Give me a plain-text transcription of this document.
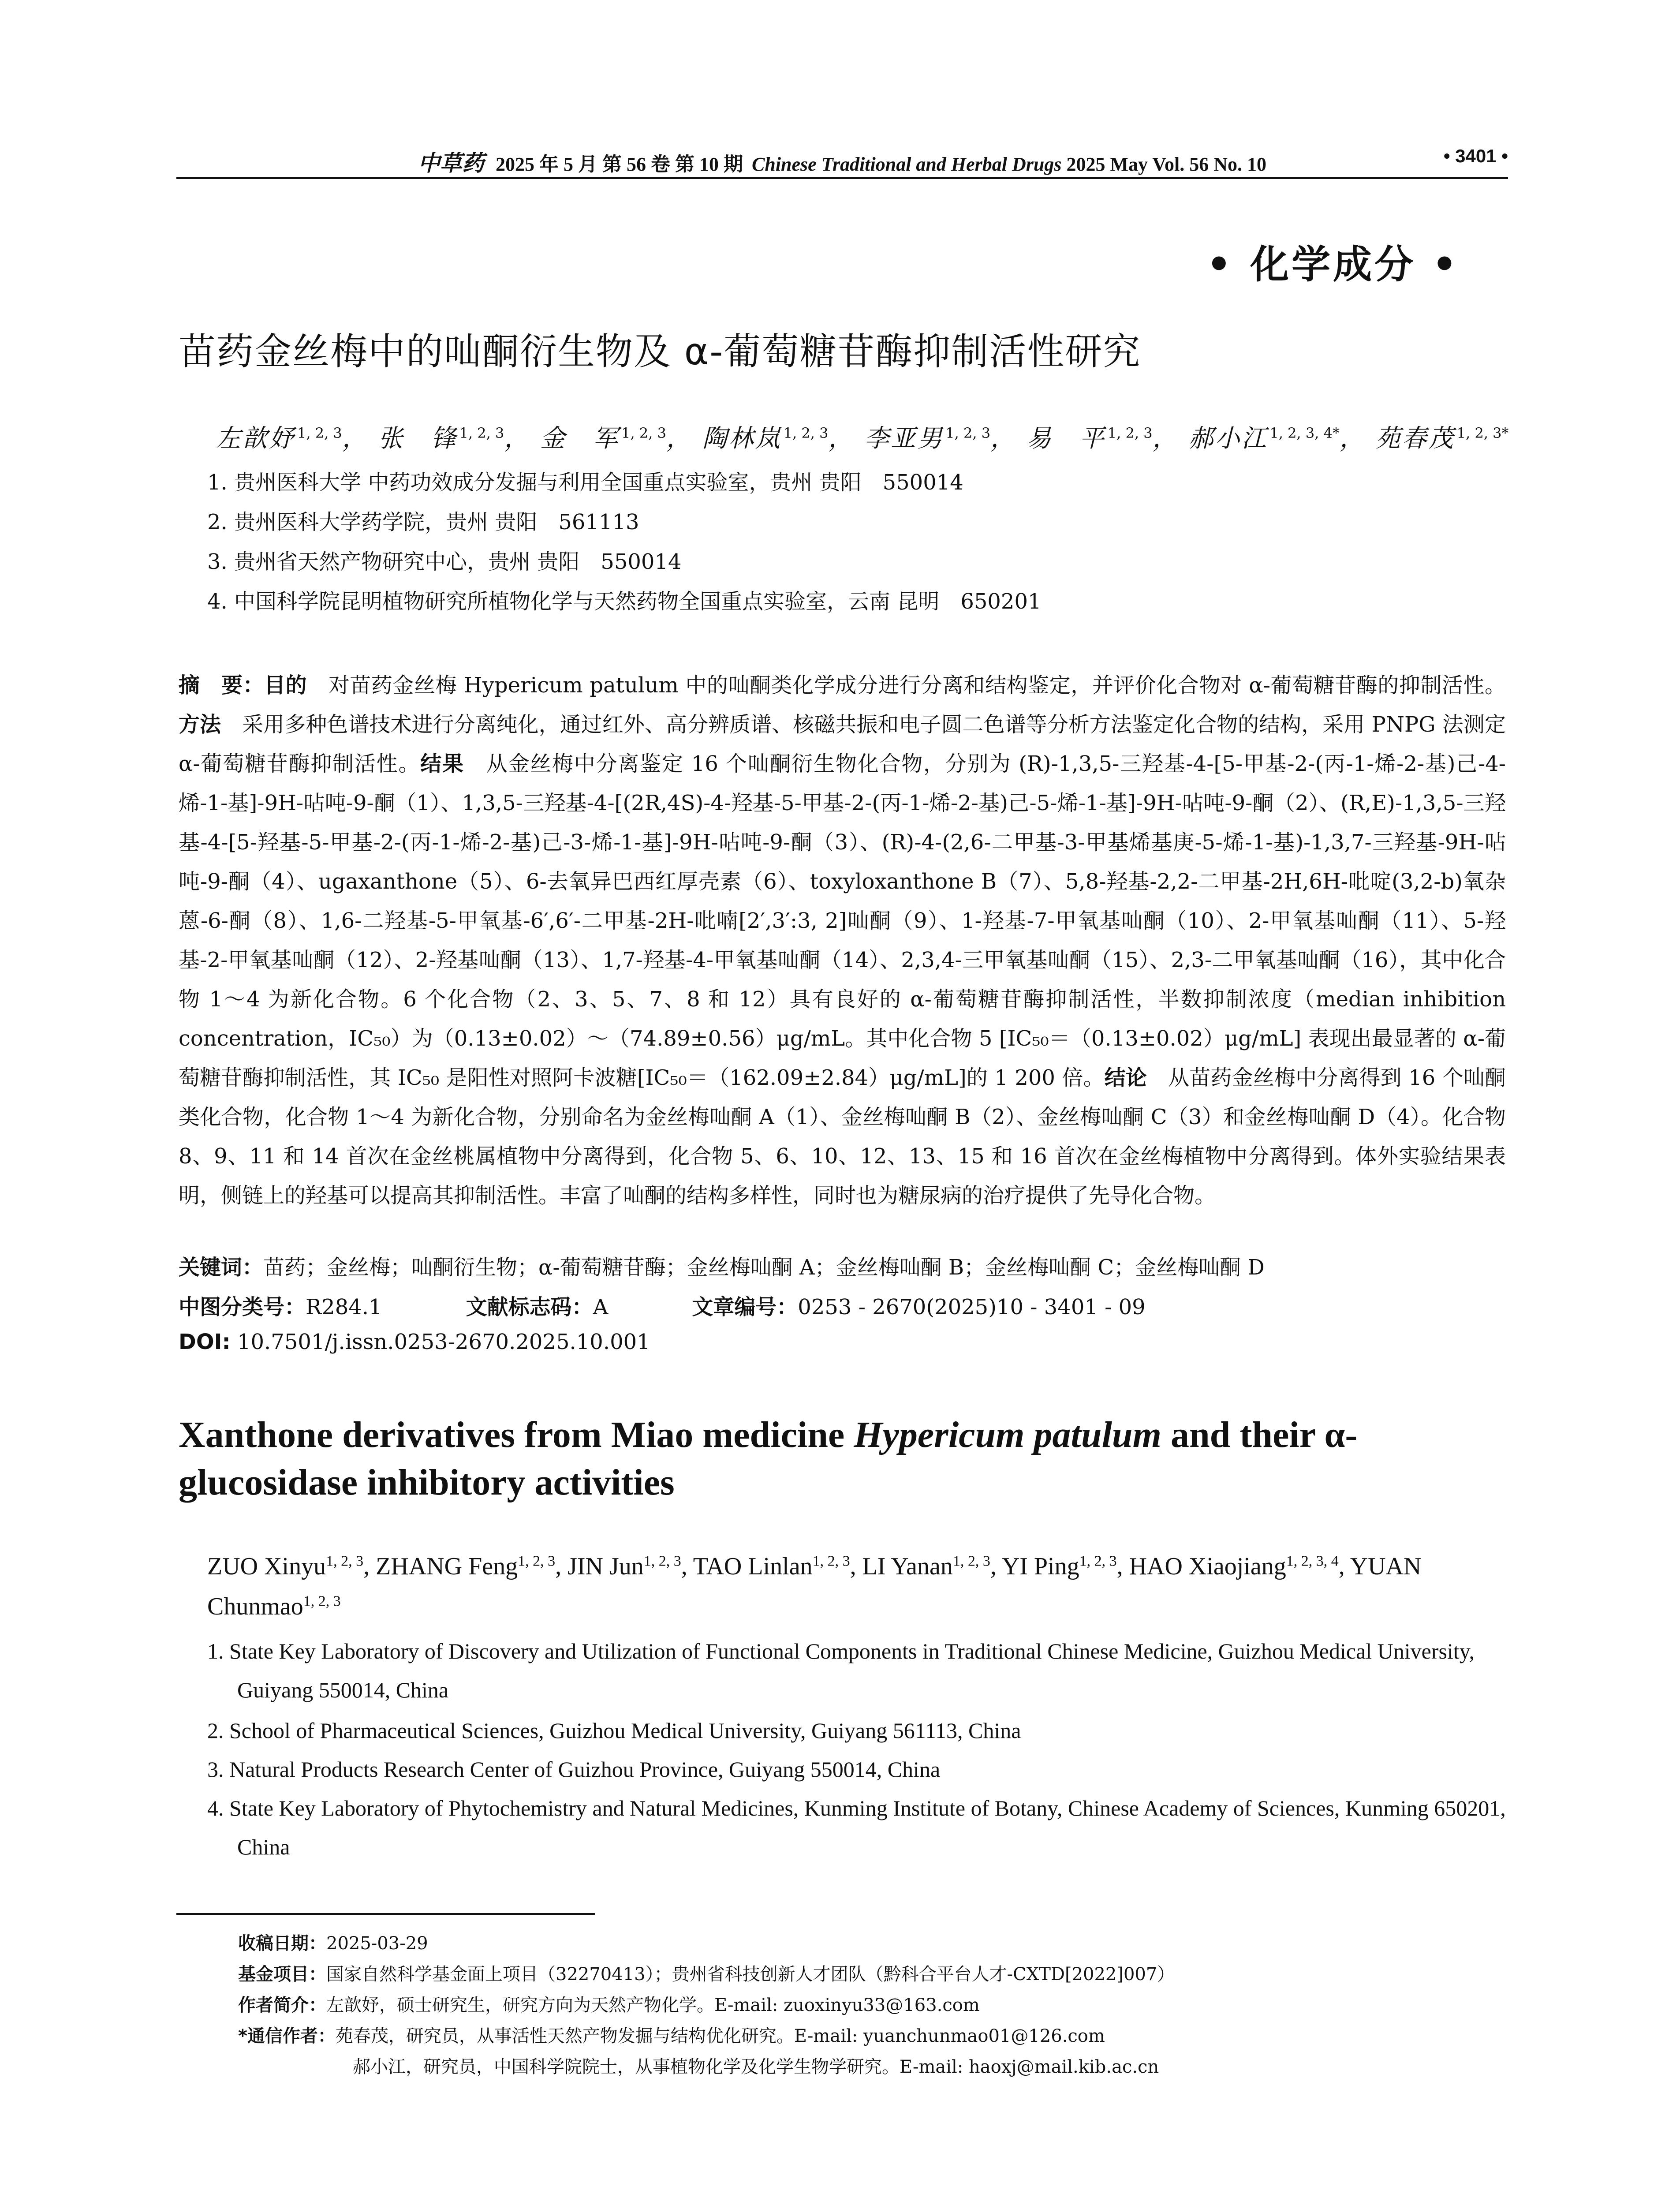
中草药 2025 年 5 月 第 56 卷 第 10 期 Chinese Traditional and Herbal Drugs 2025 May Vol. 56 No. 10	• 3401 •
• 化学成分 •
苗药金丝梅中的𠮿酮衍生物及 α-葡萄糖苷酶抑制活性研究
左歆妤 $^{1, 2, 3}$， 张　锋 $^{1, 2, 3}$， 金　军 $^{1, 2, 3}$， 陶林岚 $^{1, 2, 3}$， 李亚男 $^{1, 2, 3}$， 易　平 $^{1, 2, 3}$， 郝小江 $^{1, 2, 3, 4*}$， 苑春茂 $^{1, 2, 3*}$
1. 贵州医科大学 中药功效成分发掘与利用全国重点实验室，贵州 贵阳　550014
2. 贵州医科大学药学院，贵州 贵阳　561113
3. 贵州省天然产物研究中心，贵州 贵阳　550014
4. 中国科学院昆明植物研究所植物化学与天然药物全国重点实验室，云南 昆明　650201
摘　要：目的　 对苗药金丝梅 Hypericum patulum 中的𠮿酮类化学成分进行分离和结构鉴定，并评价化合物对 α-葡萄糖苷酶的抑制活性。方法　 采用多种色谱技术进行分离纯化，通过红外、高分辨质谱、核磁共振和电子圆二色谱等分析方法鉴定化合物的结构，采用 PNPG 法测定 α-葡萄糖苷酶抑制活性。结果　 从金丝梅中分离鉴定 16 个𠮿酮衍生物化合物，分别为 (R)-1,3,5-三羟基-4-[5-甲基-2-(丙-1-烯-2-基)己-4-烯-1-基]-9H-呫吨-9-酮（1）、1,3,5-三羟基-4-[(2R,4S)-4-羟基-5-甲基-2-(丙-1-烯-2-基)己-5-烯-1-基]-9H-呫吨-9-酮（2）、(R,E)-1,3,5-三羟基-4-[5-羟基-5-甲基-2-(丙-1-烯-2-基)己-3-烯-1-基]-9H-呫吨-9-酮（3）、(R)-4-(2,6-二甲基-3-甲基烯基庚-5-烯-1-基)-1,3,7-三羟基-9H-呫吨-9-酮（4）、ugaxanthone（5）、6-去氧异巴西红厚壳素（6）、toxyloxanthone B（7）、5,8-羟基-2,2-二甲基-2H,6H-吡啶(3,2-b)氧杂蒽-6-酮（8）、1,6-二羟基-5-甲氧基-6′,6′-二甲基-2H-吡喃[2′,3′:3, 2]𠮿酮（9）、1-羟基-7-甲氧基𠮿酮（10）、2-甲氧基𠮿酮（11）、5-羟基-2-甲氧基𠮿酮（12）、2-羟基𠮿酮（13）、1,7-羟基-4-甲氧基𠮿酮（14）、2,3,4-三甲氧基𠮿酮（15）、2,3-二甲氧基𠮿酮（16），其中化合物 1～4 为新化合物。6 个化合物（2、3、5、7、8 和 12）具有良好的 α-葡萄糖苷酶抑制活性，半数抑制浓度（median inhibition concentration，IC₅₀）为（0.13±0.02）～（74.89±0.56）μg/mL。其中化合物 5 [IC₅₀＝（0.13±0.02）μg/mL] 表现出最显著的 α-葡萄糖苷酶抑制活性，其 IC₅₀ 是阳性对照阿卡波糖[IC₅₀＝（162.09±2.84）μg/mL]的 1 200 倍。结论　 从苗药金丝梅中分离得到 16 个𠮿酮类化合物，化合物 1～4 为新化合物，分别命名为金丝梅𠮿酮 A（1）、金丝梅𠮿酮 B（2）、金丝梅𠮿酮 C（3）和金丝梅𠮿酮 D（4）。化合物 8、9、11 和 14 首次在金丝桃属植物中分离得到，化合物 5、6、10、12、13、15 和 16 首次在金丝梅植物中分离得到。体外实验结果表明，侧链上的羟基可以提高其抑制活性。丰富了𠮿酮的结构多样性，同时也为糖尿病的治疗提供了先导化合物。
关键词：苗药；金丝梅；𠮿酮衍生物；α-葡萄糖苷酶；金丝梅𠮿酮 A；金丝梅𠮿酮 B；金丝梅𠮿酮 C；金丝梅𠮿酮 D
中图分类号：R284.1	文献标志码：A	文章编号：0253 - 2670(2025)10 - 3401 - 09
DOI: 10.7501/j.issn.0253-2670.2025.10.001
Xanthone derivatives from Miao medicine Hypericum patulum and their α-glucosidase inhibitory activities
ZUO Xinyu$^{1, 2, 3}$, ZHANG Feng$^{1, 2, 3}$, JIN Jun$^{1, 2, 3}$, TAO Linlan$^{1, 2, 3}$, LI Yanan$^{1, 2, 3}$, YI Ping$^{1, 2, 3}$, HAO Xiaojiang$^{1, 2, 3, 4}$, YUAN Chunmao$^{1, 2, 3}$
1. State Key Laboratory of Discovery and Utilization of Functional Components in Traditional Chinese Medicine, Guizhou Medical University, Guiyang 550014, China
2. School of Pharmaceutical Sciences, Guizhou Medical University, Guiyang 561113, China
3. Natural Products Research Center of Guizhou Province, Guiyang 550014, China
4. State Key Laboratory of Phytochemistry and Natural Medicines, Kunming Institute of Botany, Chinese Academy of Sciences, Kunming 650201, China
收稿日期：2025-03-29
基金项目：国家自然科学基金面上项目（32270413）；贵州省科技创新人才团队（黔科合平台人才-CXTD[2022]007）
作者简介：左歆妤，硕士研究生，研究方向为天然产物化学。E-mail: zuoxinyu33@163.com
*通信作者：苑春茂，研究员，从事活性天然产物发掘与结构优化研究。E-mail: yuanchunmao01@126.com
郝小江，研究员，中国科学院院士，从事植物化学及化学生物学研究。E-mail: haoxj@mail.kib.ac.cn
